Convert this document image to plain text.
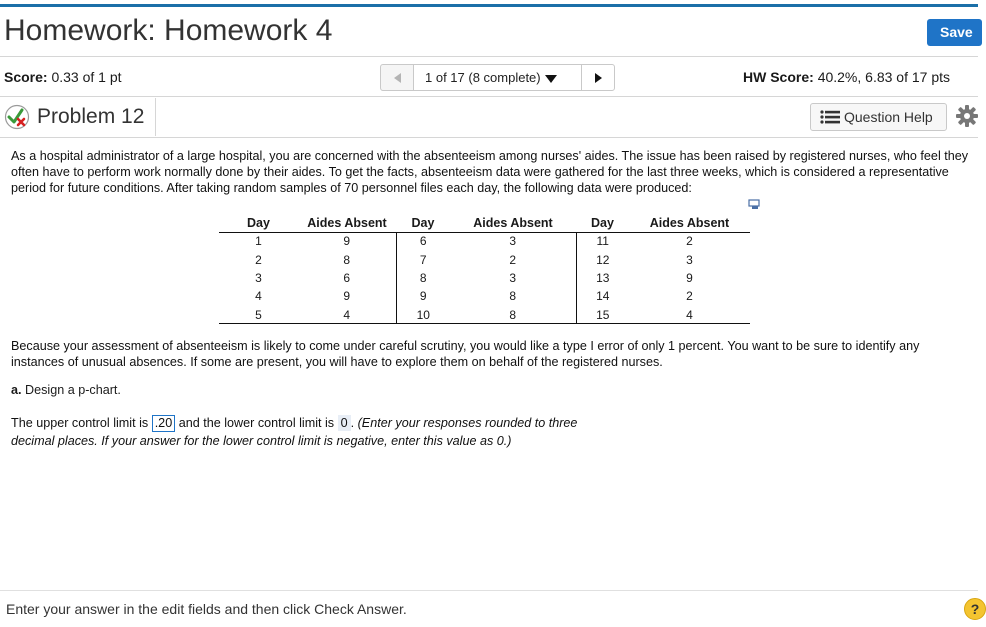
Homework: Homework 4	Save
Score: 0.33 of 1 pt	1 of 17 (8 complete)	HW Score: 40.2%, 6.83 of 17 pts
Problem 12	Question Help
As a hospital administrator of a large hospital, you are concerned with the absenteeism among nurses' aides. The issue has been raised by registered nurses, who feel they often have to perform work normally done by their aides. To get the facts, absenteeism data were gathered for the last three weeks, which is considered a representative period for future conditions. After taking random samples of 70 personnel files each day, the following data were produced:
Day	Aides Absent	Day	Aides Absent	Day	Aides Absent
1	9	6	3	11	2
2	8	7	2	12	3
3	6	8	3	13	9
4	9	9	8	14	2
5	4	10	8	15	4
Because your assessment of absenteeism is likely to come under careful scrutiny, you would like a type I error of only 1 percent. You want to be sure to identify any instances of unusual absences. If some are present, you will have to explore them on behalf of the registered nurses.
a. Design a p-chart.
The upper control limit is .20 and the lower control limit is 0 . (Enter your responses rounded to three decimal places. If your answer for the lower control limit is negative, enter this value as 0.)
Enter your answer in the edit fields and then click Check Answer.	?
